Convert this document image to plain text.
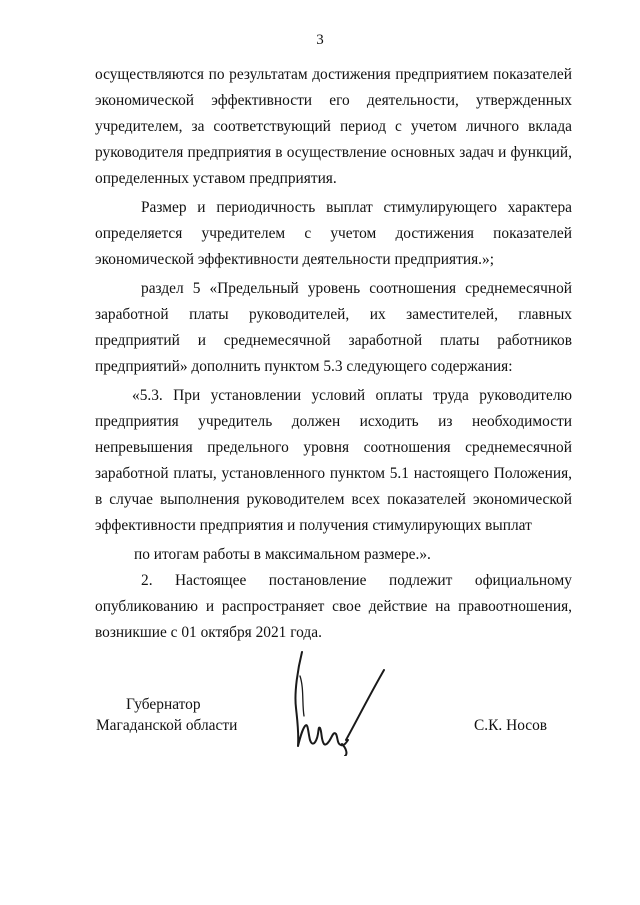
3
осуществляются по результатам достижения предприятием показателей
экономической эффективности его деятельности, утвержденных
учредителем, за соответствующий период с учетом личного вклада
руководителя предприятия в осуществление основных задач и функций,
определенных уставом предприятия.
Размер и периодичность выплат стимулирующего характера
определяется учредителем с учетом достижения показателей
экономической эффективности деятельности предприятия.»;
раздел 5 «Предельный уровень соотношения среднемесячной
заработной платы руководителей, их заместителей, главных
предприятий и среднемесячной заработной платы работников
предприятий» дополнить пунктом 5.3 следующего содержания:
«5.3. При установлении условий оплаты труда руководителю
предприятия учредитель должен исходить из необходимости
непревышения предельного уровня соотношения среднемесячной
заработной платы, установленного пунктом 5.1 настоящего Положения,
в случае выполнения руководителем всех показателей экономической
эффективности предприятия и получения стимулирующих выплат
по итогам работы в максимальном размере.».
2. Настоящее постановление подлежит официальному
опубликованию и распространяет свое действие на правоотношения,
возникшие с 01 октября 2021 года.
Губернатор
Магаданской области	С.К. Носов
